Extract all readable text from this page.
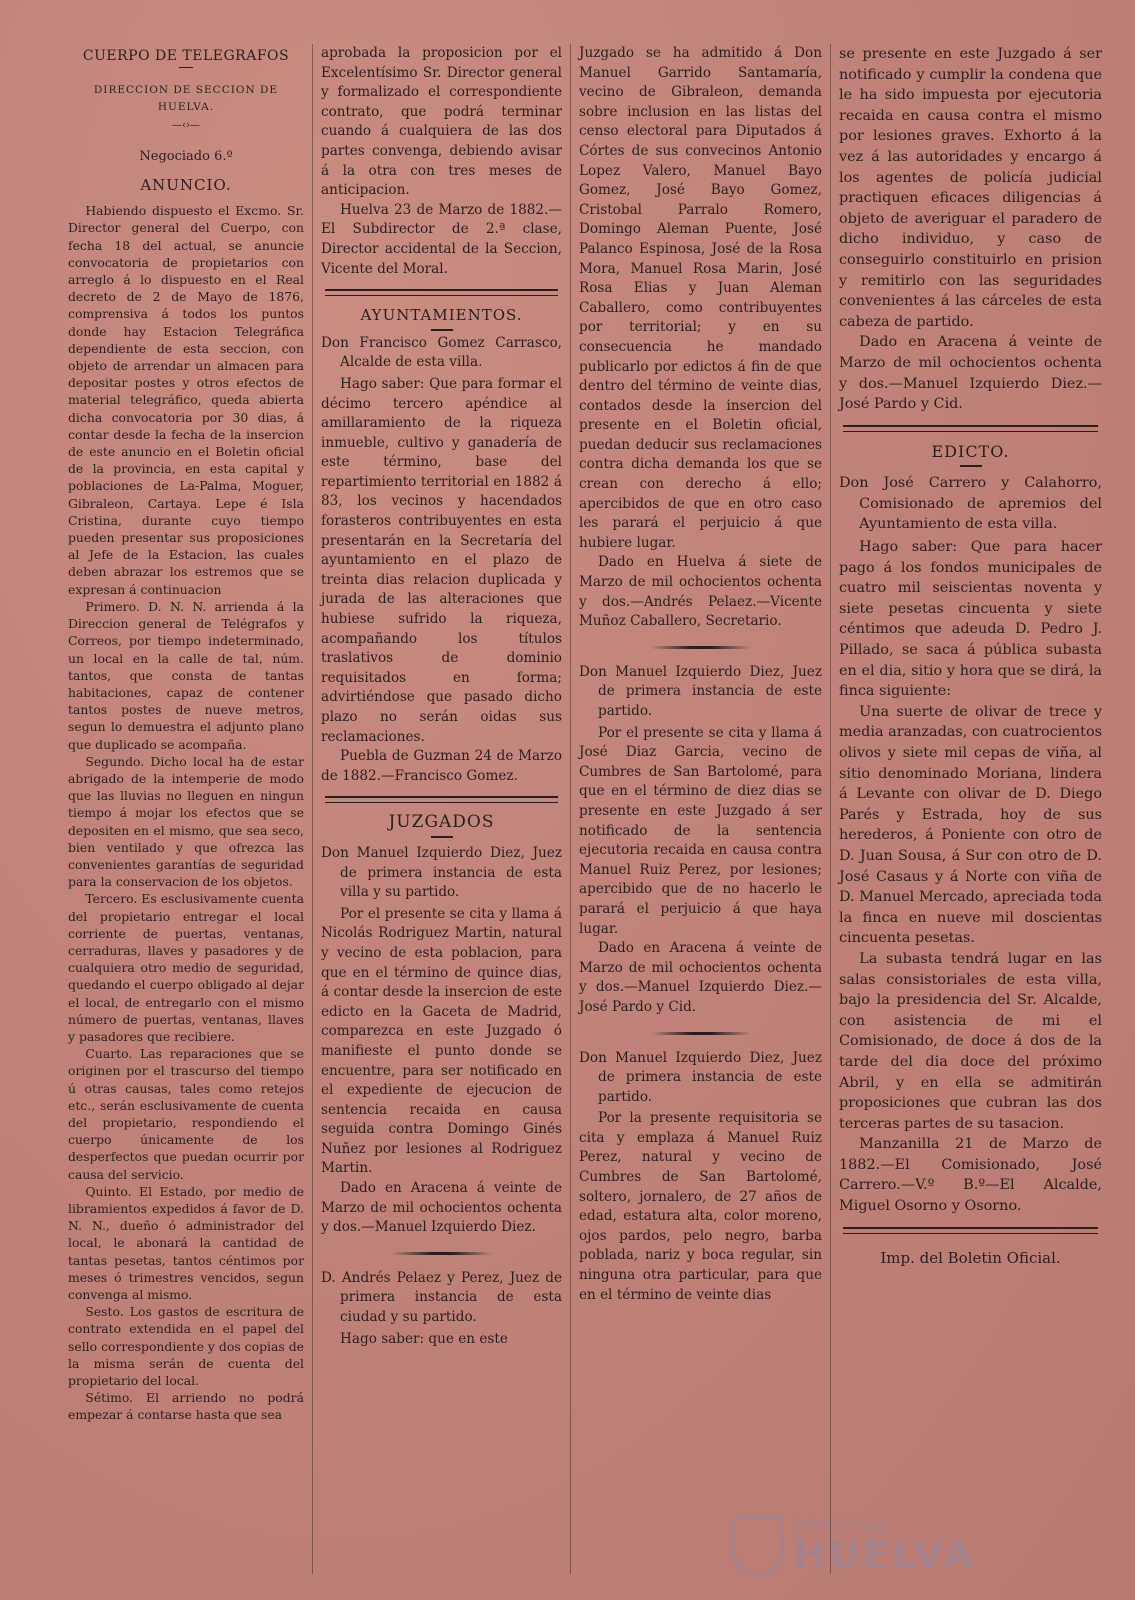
CUERPO DE TELEGRAFOS

DIRECCION DE SECCION DE HUELVA.

—‹›—

Negociado 6.º

ANUNCIO.

Habiendo dispuesto el Excmo. Sr. Director general del Cuerpo, con fecha 18 del actual, se anuncie convocatoria de propietarios con arreglo á lo dispuesto en el Real decreto de 2 de Mayo de 1876, comprensiva á todos los puntos donde hay Estacion Telegráfica dependiente de esta seccion, con objeto de arrendar un almacen para depositar postes y otros efectos de material telegráfico, queda abierta dicha convocatoria por 30 dias, á contar desde la fecha de la insercion de este anuncio en el Boletin oficial de la provincia, en esta capital y poblaciones de La-Palma, Moguer, Gibraleon, Cartaya. Lepe é Isla Cristina, durante cuyo tiempo pueden presentar sus proposiciones al Jefe de la Estacion, las cuales deben abrazar los estremos que se expresan á continuacion

Primero. D. N. N. arrienda á la Direccion general de Telégrafos y Correos, por tiempo indeterminado, un local en la calle de tal, núm. tantos, que consta de tantas habitaciones, capaz de contener tantos postes de nueve metros, segun lo demuestra el adjunto plano que duplicado se acompaña.

Segundo. Dicho local ha de estar abrigado de la intemperie de modo que las lluvias no lleguen en ningun tiempo á mojar los efectos que se depositen en el mismo, que sea seco, bien ventilado y que ofrezca las convenientes garantías de seguridad para la conservacion de los objetos.

Tercero. Es esclusivamente cuenta del propietario entregar el local corriente de puertas, ventanas, cerraduras, llaves y pasadores y de cualquiera otro medio de seguridad, quedando el cuerpo obligado al dejar el local, de entregarlo con el mismo número de puertas, ventanas, llaves y pasadores que recibiere.

Cuarto. Las reparaciones que se originen por el trascurso del tiempo ú otras causas, tales como retejos etc., serán esclusivamente de cuenta del propietario, respondiendo el cuerpo únicamente de los desperfectos que puedan ocurrir por causa del servicio.

Quinto. El Estado, por medio de libramientos expedidos á favor de D. N. N., dueño ó administrador del local, le abonará la cantidad de tantas pesetas, tantos céntimos por meses ó trimestres vencidos, segun convenga al mismo.

Sesto. Los gastos de escritura de contrato extendida en el papel del sello correspondiente y dos copias de la misma serán de cuenta del propietario del local.

Sétimo. El arriendo no podrá empezar á contarse hasta que sea

aprobada la proposicion por el Excelentísimo Sr. Director general y formalizado el correspondiente contrato, que podrá terminar cuando á cualquiera de las dos partes convenga, debiendo avisar á la otra con tres meses de anticipacion.

Huelva 23 de Marzo de 1882.—El Subdirector de 2.ª clase, Director accidental de la Seccion, Vicente del Moral.

AYUNTAMIENTOS.

Don Francisco Gomez Carrasco, Alcalde de esta villa.

Hago saber: Que para formar el décimo tercero apéndice al amillaramiento de la riqueza inmueble, cultivo y ganadería de este término, base del repartimiento territorial en 1882 á 83, los vecinos y hacendados forasteros contribuyentes en esta presentarán en la Secretaría del ayuntamiento en el plazo de treinta dias relacion duplicada y jurada de las alteraciones que hubiese sufrido la riqueza, acompañando los títulos traslativos de dominio requisitados en forma; advirtiéndose que pasado dicho plazo no serán oidas sus reclamaciones.

Puebla de Guzman 24 de Marzo de 1882.—Francisco Gomez.

JUZGADOS

Don Manuel Izquierdo Diez, Juez de primera instancia de esta villa y su partido.

Por el presente se cita y llama á Nicolás Rodriguez Martin, natural y vecino de esta poblacion, para que en el término de quince dias, á contar desde la insercion de este edicto en la Gaceta de Madrid, comparezca en este Juzgado ó manifieste el punto donde se encuentre, para ser notificado en el expediente de ejecucion de sentencia recaida en causa seguida contra Domingo Ginés Nuñez por lesiones al Rodriguez Martin.

Dado en Aracena á veinte de Marzo de mil ochocientos ochenta y dos.—Manuel Izquierdo Diez.

D. Andrés Pelaez y Perez, Juez de primera instancia de esta ciudad y su partido.

Hago saber: que en este

Juzgado se ha admitido á Don Manuel Garrido Santamaría, vecino de Gibraleon, demanda sobre inclusion en las listas del censo electoral para Diputados á Córtes de sus convecinos Antonio Lopez Valero, Manuel Bayo Gomez, José Bayo Gomez, Cristobal Parralo Romero, Domingo Aleman Puente, José Palanco Espinosa, José de la Rosa Mora, Manuel Rosa Marin, José Rosa Elias y Juan Aleman Caballero, como contribuyentes por territorial; y en su consecuencia he mandado publicarlo por edictos á fin de que dentro del término de veinte dias, contados desde la insercion del presente en el Boletin oficial, puedan deducir sus reclamaciones contra dicha demanda los que se crean con derecho á ello; apercibidos de que en otro caso les parará el perjuicio á que hubiere lugar.

Dado en Huelva á siete de Marzo de mil ochocientos ochenta y dos.—Andrés Pelaez.—Vicente Muñoz Caballero, Secretario.

Don Manuel Izquierdo Diez, Juez de primera instancia de este partido.

Por el presente se cita y llama á José Diaz Garcia, vecino de Cumbres de San Bartolomé, para que en el término de diez dias se presente en este Juzgado á ser notificado de la sentencia ejecutoria recaida en causa contra Manuel Ruiz Perez, por lesiones; apercibido que de no hacerlo le parará el perjuicio á que haya lugar.

Dado en Aracena á veinte de Marzo de mil ochocientos ochenta y dos.—Manuel Izquierdo Diez.—José Pardo y Cid.

Don Manuel Izquierdo Diez, Juez de primera instancia de este partido.

Por la presente requisitoria se cita y emplaza á Manuel Ruiz Perez, natural y vecino de Cumbres de San Bartolomé, soltero, jornalero, de 27 años de edad, estatura alta, color moreno, ojos pardos, pelo negro, barba poblada, nariz y boca regular, sin ninguna otra particular, para que en el término de veinte dias

se presente en este Juzgado á ser notificado y cumplir la condena que le ha sido impuesta por ejecutoria recaida en causa contra el mismo por lesiones graves. Exhorto á la vez á las autoridades y encargo á los agentes de policía judicial practiquen eficaces diligencias á objeto de averiguar el paradero de dicho individuo, y caso de conseguirlo constituirlo en prision y remitirlo con las seguridades convenientes á las cárceles de esta cabeza de partido.

Dado en Aracena á veinte de Marzo de mil ochocientos ochenta y dos.—Manuel Izquierdo Diez.—José Pardo y Cid.

EDICTO.

Don José Carrero y Calahorro, Comisionado de apremios del Ayuntamiento de esta villa.

Hago saber: Que para hacer pago á los fondos municipales de cuatro mil seiscientas noventa y siete pesetas cincuenta y siete céntimos que adeuda D. Pedro J. Pillado, se saca á pública subasta en el dia, sitio y hora que se dirá, la finca siguiente:

Una suerte de olivar de trece y media aranzadas, con cuatrocientos olivos y siete mil cepas de viña, al sitio denominado Moriana, lindera á Levante con olivar de D. Diego Parés y Estrada, hoy de sus herederos, á Poniente con otro de D. Juan Sousa, á Sur con otro de D. José Casaus y á Norte con viña de D. Manuel Mercado, apreciada toda la finca en nueve mil doscientas cincuenta pesetas.

La subasta tendrá lugar en las salas consistoriales de esta villa, bajo la presidencia del Sr. Alcalde, con asistencia de mi el Comisionado, de doce á dos de la tarde del dia doce del próximo Abril, y en ella se admitirán proposiciones que cubran las dos terceras partes de su tasacion.

Manzanilla 21 de Marzo de 1882.—El Comisionado, José Carrero.—V.º B.º—El Alcalde, Miguel Osorno y Osorno.

Imp. del Boletin Oficial.

ARCHIVO
HUELVA
